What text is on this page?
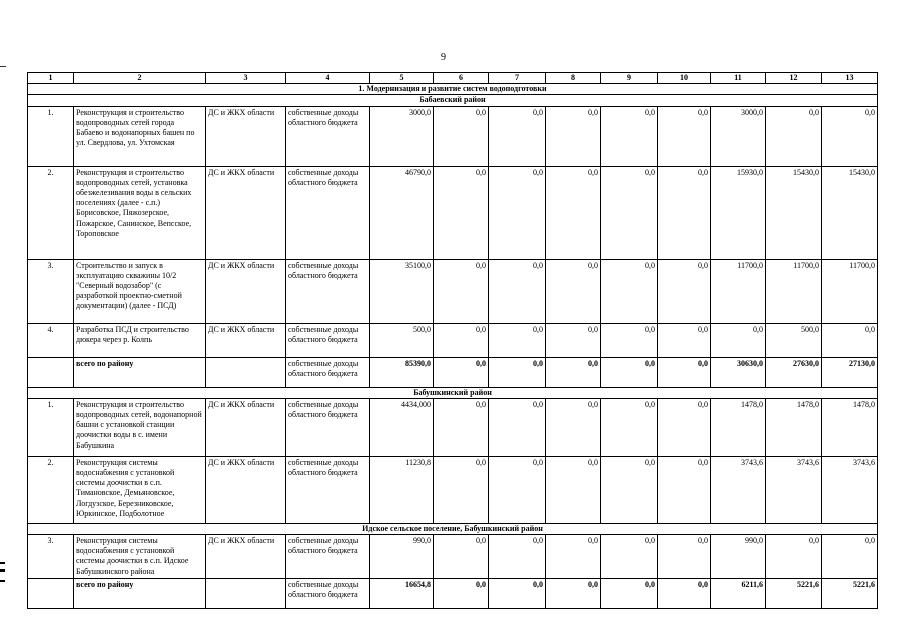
9
1	2	3	4	5	6	7	8	9	10	11	12	13
1. Модернизация и развитие систем водоподготовки												
Бабаевский район												
1.	Реконструкция и строительство водопроводных сетей города Бабаево и водонапорных башен по ул. Свердлова, ул. Ухтомская	ДС и ЖКХ области	собственные доходы областного бюджета	3000,0	0,0	0,0	0,0	0,0	0,0	3000,0	0,0	0,0
2.	Реконструкция и строительство водопроводных сетей, установка обезжелезивания воды в сельских поселениях (далее - с.п.) Борисовское, Пяжозерское, Пожарское, Санинское, Вепсское, Тороповское	ДС и ЖКХ области	собственные доходы областного бюджета	46790,0	0,0	0,0	0,0	0,0	0,0	15930,0	15430,0	15430,0
3.	Строительство и запуск в эксплуатацию скважины 10/2 "Северный водозабор" (с разработкой проектно-сметной документации) (далее - ПСД)	ДС и ЖКХ области	собственные доходы областного бюджета	35100,0	0,0	0,0	0,0	0,0	0,0	11700,0	11700,0	11700,0
4.	Разработка ПСД и строительство дюкера через р. Колпь	ДС и ЖКХ области	собственные доходы областного бюджета	500,0	0,0	0,0	0,0	0,0	0,0	0,0	500,0	0,0
	всего по району		собственные доходы областного бюджета	85390,0	0,0	0,0	0,0	0,0	0,0	30630,0	27630,0	27130,0
Бабушкинский район												
1.	Реконструкция и строительство водопроводных сетей, водонапорной башни с установкой станции доочистки воды в с. имени Бабушкина	ДС и ЖКХ области	собственные доходы областного бюджета	4434,000	0,0	0,0	0,0	0,0	0,0	1478,0	1478,0	1478,0
2.	Реконструкция системы водоснабжения с установкой системы доочистки в с.п. Тимановское, Демьяновское, Логдузское, Березниковское, Юркинское, Подболотное	ДС и ЖКХ области	собственные доходы областного бюджета	11230,8	0,0	0,0	0,0	0,0	0,0	3743,6	3743,6	3743,6
Идское сельское поселение, Бабушкинский район												
3.	Реконструкция системы водоснабжения с установкой системы доочистки в с.п. Идское Бабушкинского района	ДС и ЖКХ области	собственные доходы областного бюджета	990,0	0,0	0,0	0,0	0,0	0,0	990,0	0,0	0,0
	всего по району		собственные доходы областного бюджета	16654,8	0,0	0,0	0,0	0,0	0,0	6211,6	5221,6	5221,6
